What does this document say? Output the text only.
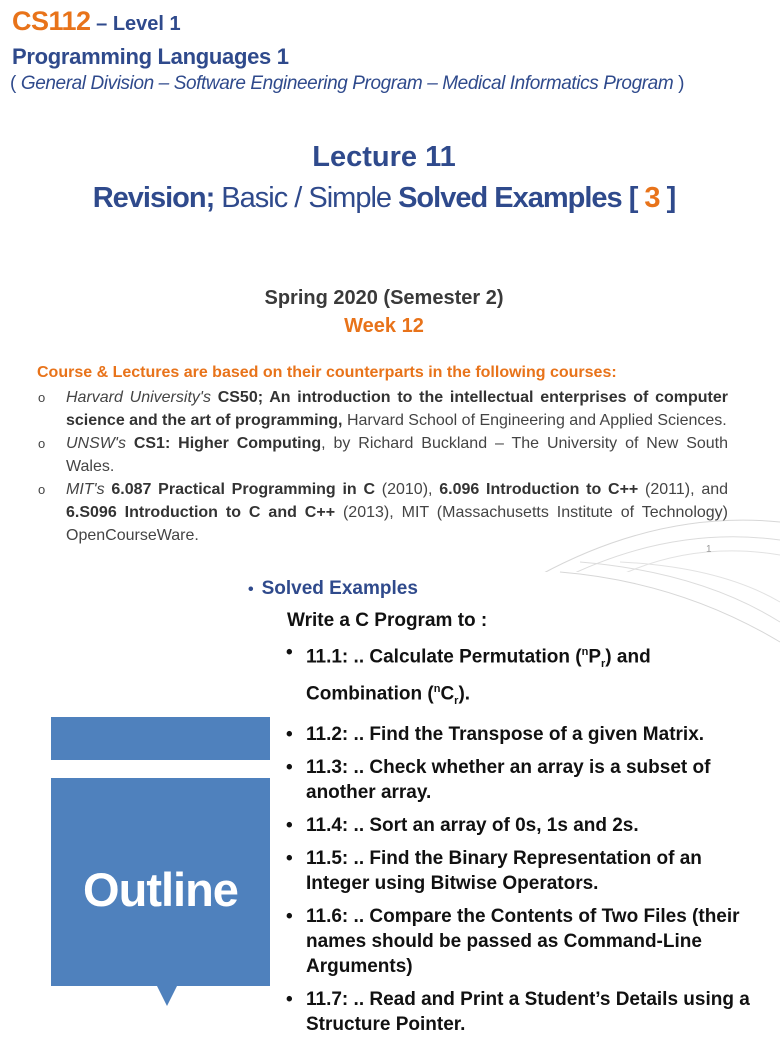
CS112 – Level 1
Programming Languages 1
( General Division – Software Engineering Program – Medical Informatics Program )
Lecture 11
Revision; Basic / Simple Solved Examples [ 3 ]
Spring 2020 (Semester 2)
Week 12
Course & Lectures are based on their counterparts in the following courses:
o Harvard University's CS50; An introduction to the intellectual enterprises of computer science and the art of programming, Harvard School of Engineering and Applied Sciences.
o UNSW's CS1: Higher Computing, by Richard Buckland – The University of New South Wales.
o MIT's 6.087 Practical Programming in C (2010), 6.096 Introduction to C++ (2011), and 6.S096 Introduction to C and C++ (2013), MIT (Massachusetts Institute of Technology) OpenCourseWare.
1
Outline
• Solved Examples
Write a C Program to :
• 11.1: .. Calculate Permutation $(^nP_r)$ and Combination $(^nC_r)$.
• 11.2: .. Find the Transpose of a given Matrix.
• 11.3: .. Check whether an array is a subset of another array.
• 11.4: .. Sort an array of 0s, 1s and 2s.
• 11.5: .. Find the Binary Representation of an Integer using Bitwise Operators.
• 11.6: .. Compare the Contents of Two Files (their names should be passed as Command-Line Arguments)
• 11.7: .. Read and Print a Student’s Details using a Structure Pointer.
